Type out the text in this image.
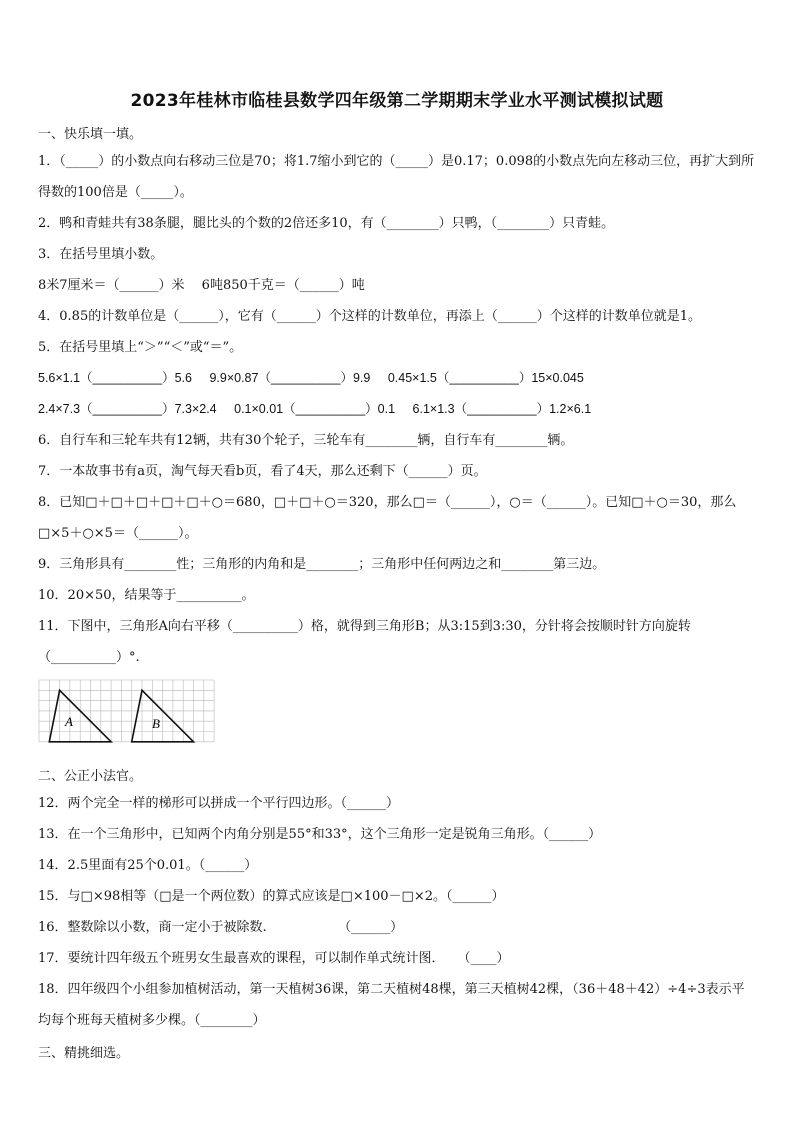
2023年桂林市临桂县数学四年级第二学期期末学业水平测试模拟试题
一、快乐填一填。
1．（_____）的小数点向右移动三位是70；将1.7缩小到它的（_____）是0.17；0.098的小数点先向左移动三位，再扩大到所得数的100倍是（_____）。
2．鸭和青蛙共有38条腿，腿比头的个数的2倍还多10，有（________）只鸭，（________）只青蛙。
3．在括号里填小数。
8米7厘米＝（______）米　 6吨850千克＝（______）吨
4．0.85的计数单位是（______），它有（______）个这样的计数单位，再添上（______）个这样的计数单位就是1。
5．在括号里填上“＞”“＜”或“＝”。
5.6×1.1（__________）5.6 9.9×0.87（__________）9.9 0.45×1.5（__________）15×0.045
2.4×7.3（__________）7.3×2.4 0.1×0.01（__________）0.1 6.1×1.3（__________）1.2×6.1
6．自行车和三轮车共有12辆，共有30个轮子，三轮车有________辆，自行车有________辆。
7．一本故事书有a页，淘气每天看b页，看了4天，那么还剩下（______）页。
8．已知□＋□＋□＋□＋□＋○＝680，□＋□＋○＝320，那么□＝（______），○＝（______）。已知□＋○＝30，那么□×5＋○×5＝（______）。
9．三角形具有________性；三角形的内角和是________；三角形中任何两边之和________第三边。
10．20×50，结果等于__________。
11．下图中，三角形A向右平移（__________）格，就得到三角形B；从3:15到3:30，分针将会按顺时针方向旋转（__________）°.
A	B
二、公正小法官。
12．两个完全一样的梯形可以拼成一个平行四边形。（______）
13．在一个三角形中，已知两个内角分别是55°和33°，这个三角形一定是锐角三角形。（______）
14．2.5里面有25个0.01。（______）
15．与□×98相等（□是一个两位数）的算式应该是□×100－□×2。（______）
16．整数除以小数，商一定小于被除数.　　　　　　（______）
17．要统计四年级五个班男女生最喜欢的课程，可以制作单式统计图．　　（____）
18．四年级四个小组参加植树活动，第一天植树36课，第二天植树48棵，第三天植树42棵，（36＋48＋42）÷4÷3表示平均每个班每天植树多少棵。（________）
三、精挑细选。
